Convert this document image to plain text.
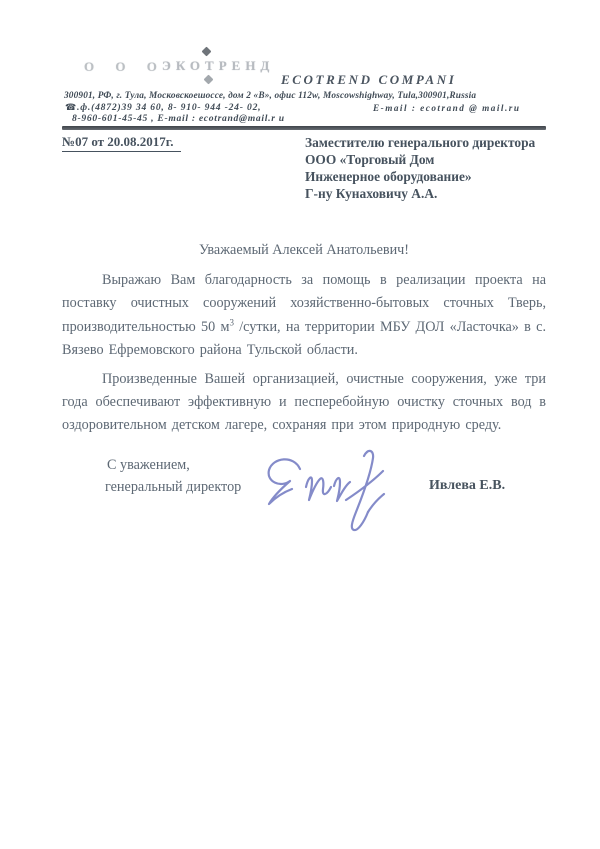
О О О
ЭКОТРЕНД
ECOTREND COMPANI
300901, РФ, г. Тула, Московскоешоссе, дом 2 «В», офис 112w, Moscowshighway, Tula,300901,Russia
☎.ф.(4872)39 34 60, 8- 910- 944 -24- 02,	E-mail : ecotrand @ mail.ru
8-960-601-45-45 , E-mail : ecotrand@mail.r u
№07 от 20.08.2017г.	Заместителю генерального директора
ООО «Торговый Дом
Инженерное оборудование»
Г-ну Кунаховичу А.А.
Уважаемый Алексей Анатольевич!

Выражаю Вам благодарность за помощь в реализации проекта на поставку очистных сооружений хозяйственно-бытовых сточных Тверь, производительностью 50 $м^3$ /сутки, на территории МБУ ДОЛ «Ласточка» в с. Вязево Ефремовского района Тульской области.

Произведенные Вашей организацией, очистные сооружения, уже три года обеспечивают эффективную и песперебойную очистку сточных вод в оздоровительном детском лагере, сохраняя при этом природную среду.

С уважением,
генеральный директор	Ивлева Е.В.
